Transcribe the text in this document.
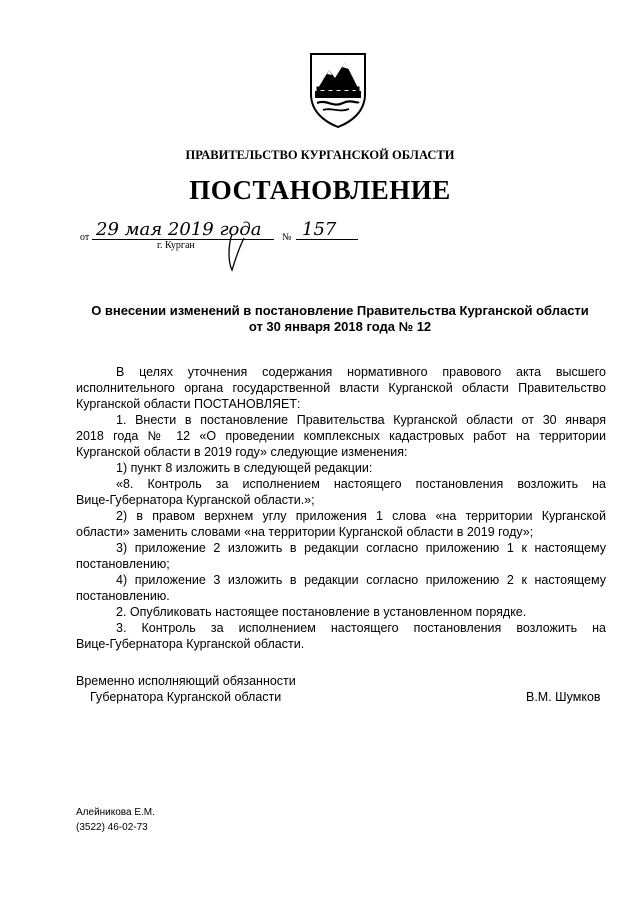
ПРАВИТЕЛЬСТВО КУРГАНСКОЙ ОБЛАСТИ
ПОСТАНОВЛЕНИЕ
от 29 мая 2019 года № 157
г. Курган
О внесении изменений в постановление Правительства Курганской области
от 30 января 2018 года № 12
В целях уточнения содержания нормативного правового акта высшего
исполнительного органа государственной власти Курганской области Правительство
Курганской области ПОСТАНОВЛЯЕТ:
1. Внести в постановление Правительства Курганской области от 30 января
2018 года № 12 «О проведении комплексных кадастровых работ на территории
Курганской области в 2019 году» следующие изменения:
1) пункт 8 изложить в следующей редакции:
«8. Контроль за исполнением настоящего постановления возложить на
Вице-Губернатора Курганской области.»;
2) в правом верхнем углу приложения 1 слова «на территории Курганской
области» заменить словами «на территории Курганской области в 2019 году»;
3) приложение 2 изложить в редакции согласно приложению 1 к настоящему
постановлению;
4) приложение 3 изложить в редакции согласно приложению 2 к настоящему
постановлению.
2. Опубликовать настоящее постановление в установленном порядке.
3. Контроль за исполнением настоящего постановления возложить на
Вице-Губернатора Курганской области.
Временно исполняющий обязанности
Губернатора Курганской области	В.М. Шумков
Алейникова Е.М.
(3522) 46-02-73
